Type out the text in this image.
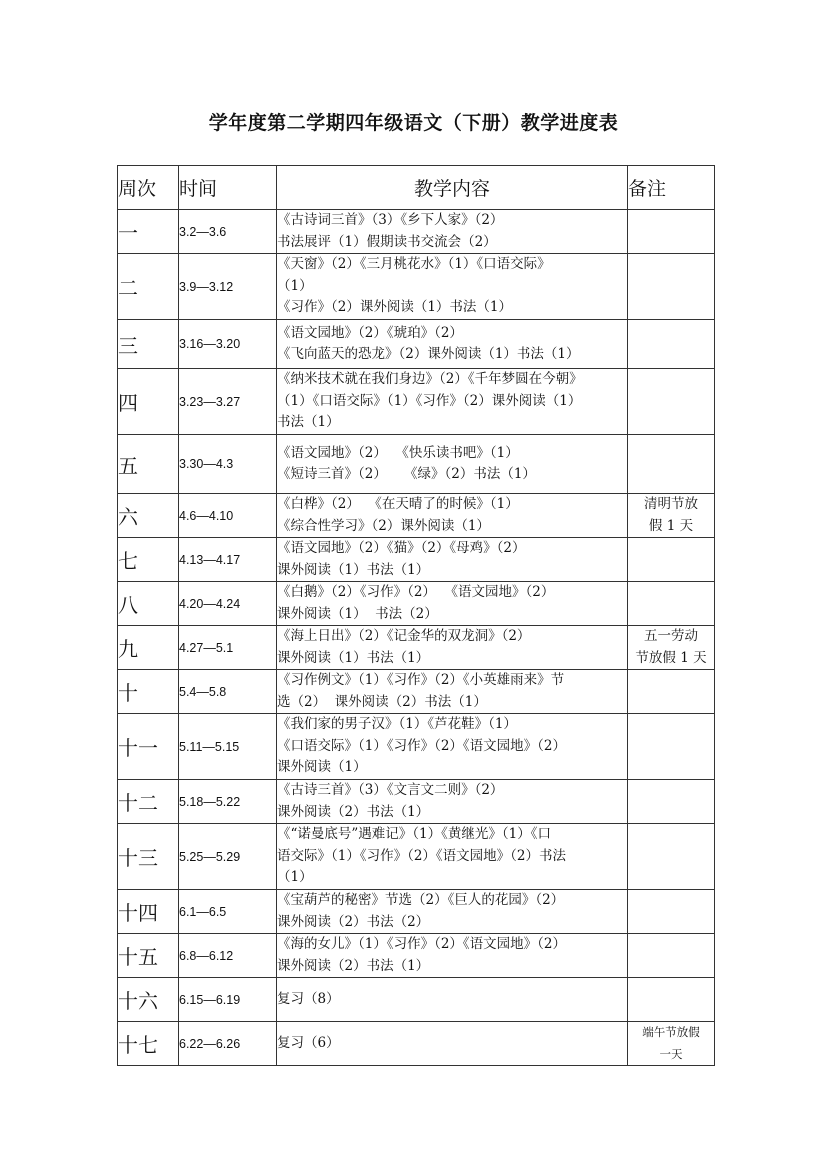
学年度第二学期四年级语文（下册）教学进度表
周次	时间	教学内容	备注
一	3.2—3.6	《古诗词三首》（3）《乡下人家》（2）
书法展评（1）假期读书交流会（2）	
二	3.9—3.12	《天窗》（2）《三月桃花水》（1）《口语交际》
（1）
《习作》（2）课外阅读（1）书法（1）	
三	3.16—3.20	《语文园地》（2）《琥珀》（2）
《飞向蓝天的恐龙》（2）课外阅读（1）书法（1）	
四	3.23—3.27	《纳米技术就在我们身边》（2）《千年梦圆在今朝》
（1）《口语交际》（1）《习作》（2）课外阅读（1）
书法（1）	
五	3.30—4.3	《语文园地》（2）  《快乐读书吧》（1）
《短诗三首》（2）    《绿》（2）书法（1）	
六	4.6—4.10	《白桦》（2）  《在天晴了的时候》（1）
《综合性学习》（2）课外阅读（1）	清明节放
假 1 天
七	4.13—4.17	《语文园地》（2）《猫》（2）《母鸡》（2）
课外阅读（1）书法（1）	
八	4.20—4.24	《白鹅》（2）《习作》（2）  《语文园地》（2）
课外阅读（1）  书法（2）	
九	4.27—5.1	《海上日出》（2）《记金华的双龙洞》（2）
课外阅读（1）书法（1）	五一劳动
节放假 1 天
十	5.4—5.8	《习作例文》（1）《习作》（2）《小英雄雨来》节
选（2）  课外阅读（2）书法（1）	
十一	5.11—5.15	《我们家的男子汉》（1）《芦花鞋》（1）
《口语交际》（1）《习作》（2）《语文园地》（2）
课外阅读（1）	
十二	5.18—5.22	《古诗三首》（3）《文言文二则》（2）
课外阅读（2）书法（1）	
十三	5.25—5.29	《“诺曼底号”遇难记》（1）《黄继光》（1）《口
语交际》（1）《习作》（2）《语文园地》（2）书法
（1）	
十四	6.1—6.5	《宝葫芦的秘密》节选（2）《巨人的花园》（2）
课外阅读（2）书法（2）	
十五	6.8—6.12	《海的女儿》（1）《习作》（2）《语文园地》（2）
课外阅读（2）书法（1）	
十六	6.15—6.19	复习（8）	
十七	6.22—6.26	复习（6）	端午节放假
一天
